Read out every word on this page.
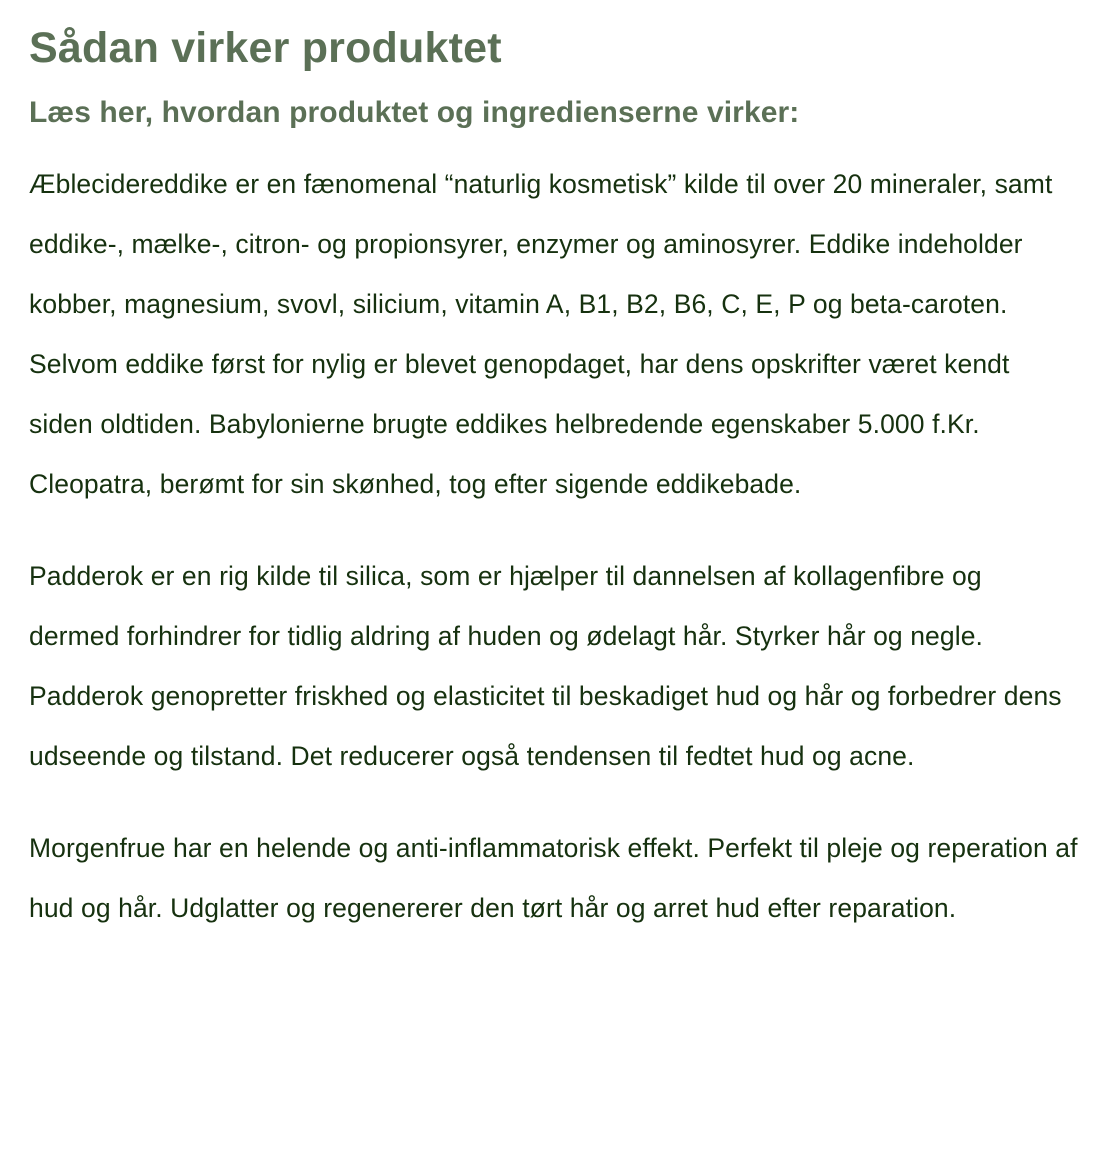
Sådan virker produktet
Læs her, hvordan produktet og ingredienserne virker:

Æblecidereddike er en fænomenal “naturlig kosmetisk” kilde til over 20 mineraler, samt eddike-, mælke-, citron- og propionsyrer, enzymer og aminosyrer. Eddike indeholder kobber, magnesium, svovl, silicium, vitamin A, B1, B2, B6, C, E, P og beta-caroten. Selvom eddike først for nylig er blevet genopdaget, har dens opskrifter været kendt siden oldtiden. Babylonierne brugte eddikes helbredende egenskaber 5.000 f.Kr. Cleopatra, berømt for sin skønhed, tog efter sigende eddikebade.

Padderok er en rig kilde til silica, som er hjælper til dannelsen af kollagenfibre og dermed forhindrer for tidlig aldring af huden og ødelagt hår. Styrker hår og negle. Padderok genopretter friskhed og elasticitet til beskadiget hud og hår og forbedrer dens udseende og tilstand. Det reducerer også tendensen til fedtet hud og acne.

Morgenfrue har en helende og anti-inflammatorisk effekt. Perfekt til pleje og reperation af hud og hår. Udglatter og regenererer den tørt hår og arret hud efter reparation.
